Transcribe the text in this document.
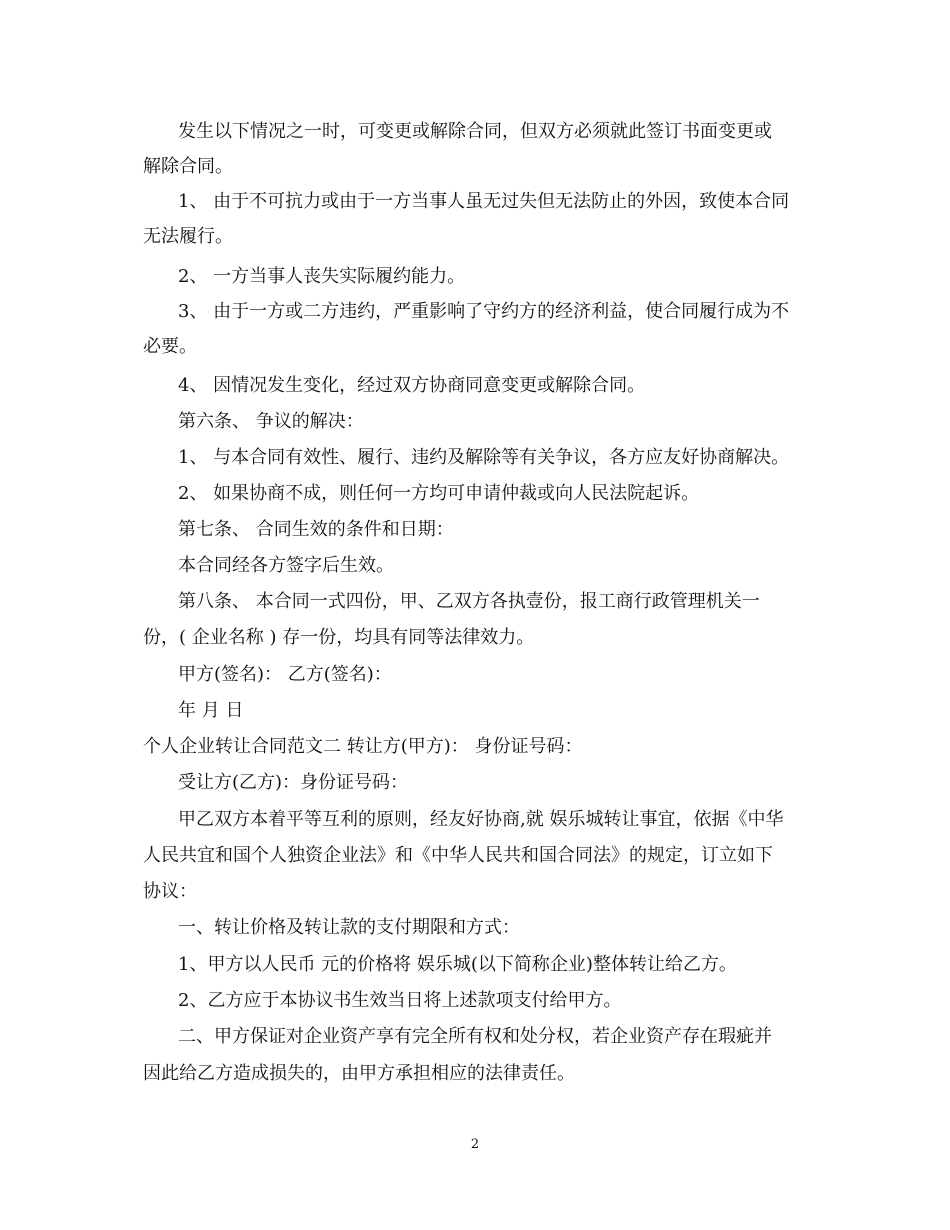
发生以下情况之一时，可变更或解除合同，但双方必须就此签订书面变更或

解除合同。

1、 由于不可抗力或由于一方当事人虽无过失但无法防止的外因，致使本合同

无法履行。

2、 一方当事人丧失实际履约能力。

3、 由于一方或二方违约，严重影响了守约方的经济利益，使合同履行成为不

必要。

4、 因情况发生变化，经过双方协商同意变更或解除合同。

第六条、 争议的解决：

1、 与本合同有效性、履行、违约及解除等有关争议，各方应友好协商解决。

2、 如果协商不成，则任何一方均可申请仲裁或向人民法院起诉。

第七条、 合同生效的条件和日期：

本合同经各方签字后生效。

第八条、 本合同一式四份，甲、乙双方各执壹份，报工商行政管理机关一

份，( 企业名称 ) 存一份，均具有同等法律效力。

甲方(签名)： 乙方(签名)：

年 月 日

个人企业转让合同范文二 转让方(甲方)： 身份证号码：

受让方(乙方)：身份证号码：

甲乙双方本着平等互利的原则，经友好协商,就 娱乐城转让事宜，依据《中华

人民共宜和国个人独资企业法》和《中华人民共和国合同法》的规定，订立如下

协议：

一、转让价格及转让款的支付期限和方式：

1、甲方以人民币 元的价格将 娱乐城(以下简称企业)整体转让给乙方。

2、乙方应于本协议书生效当日将上述款项支付给甲方。

二、甲方保证对企业资产享有完全所有权和处分权，若企业资产存在瑕疵并

因此给乙方造成损失的，由甲方承担相应的法律责任。

2
